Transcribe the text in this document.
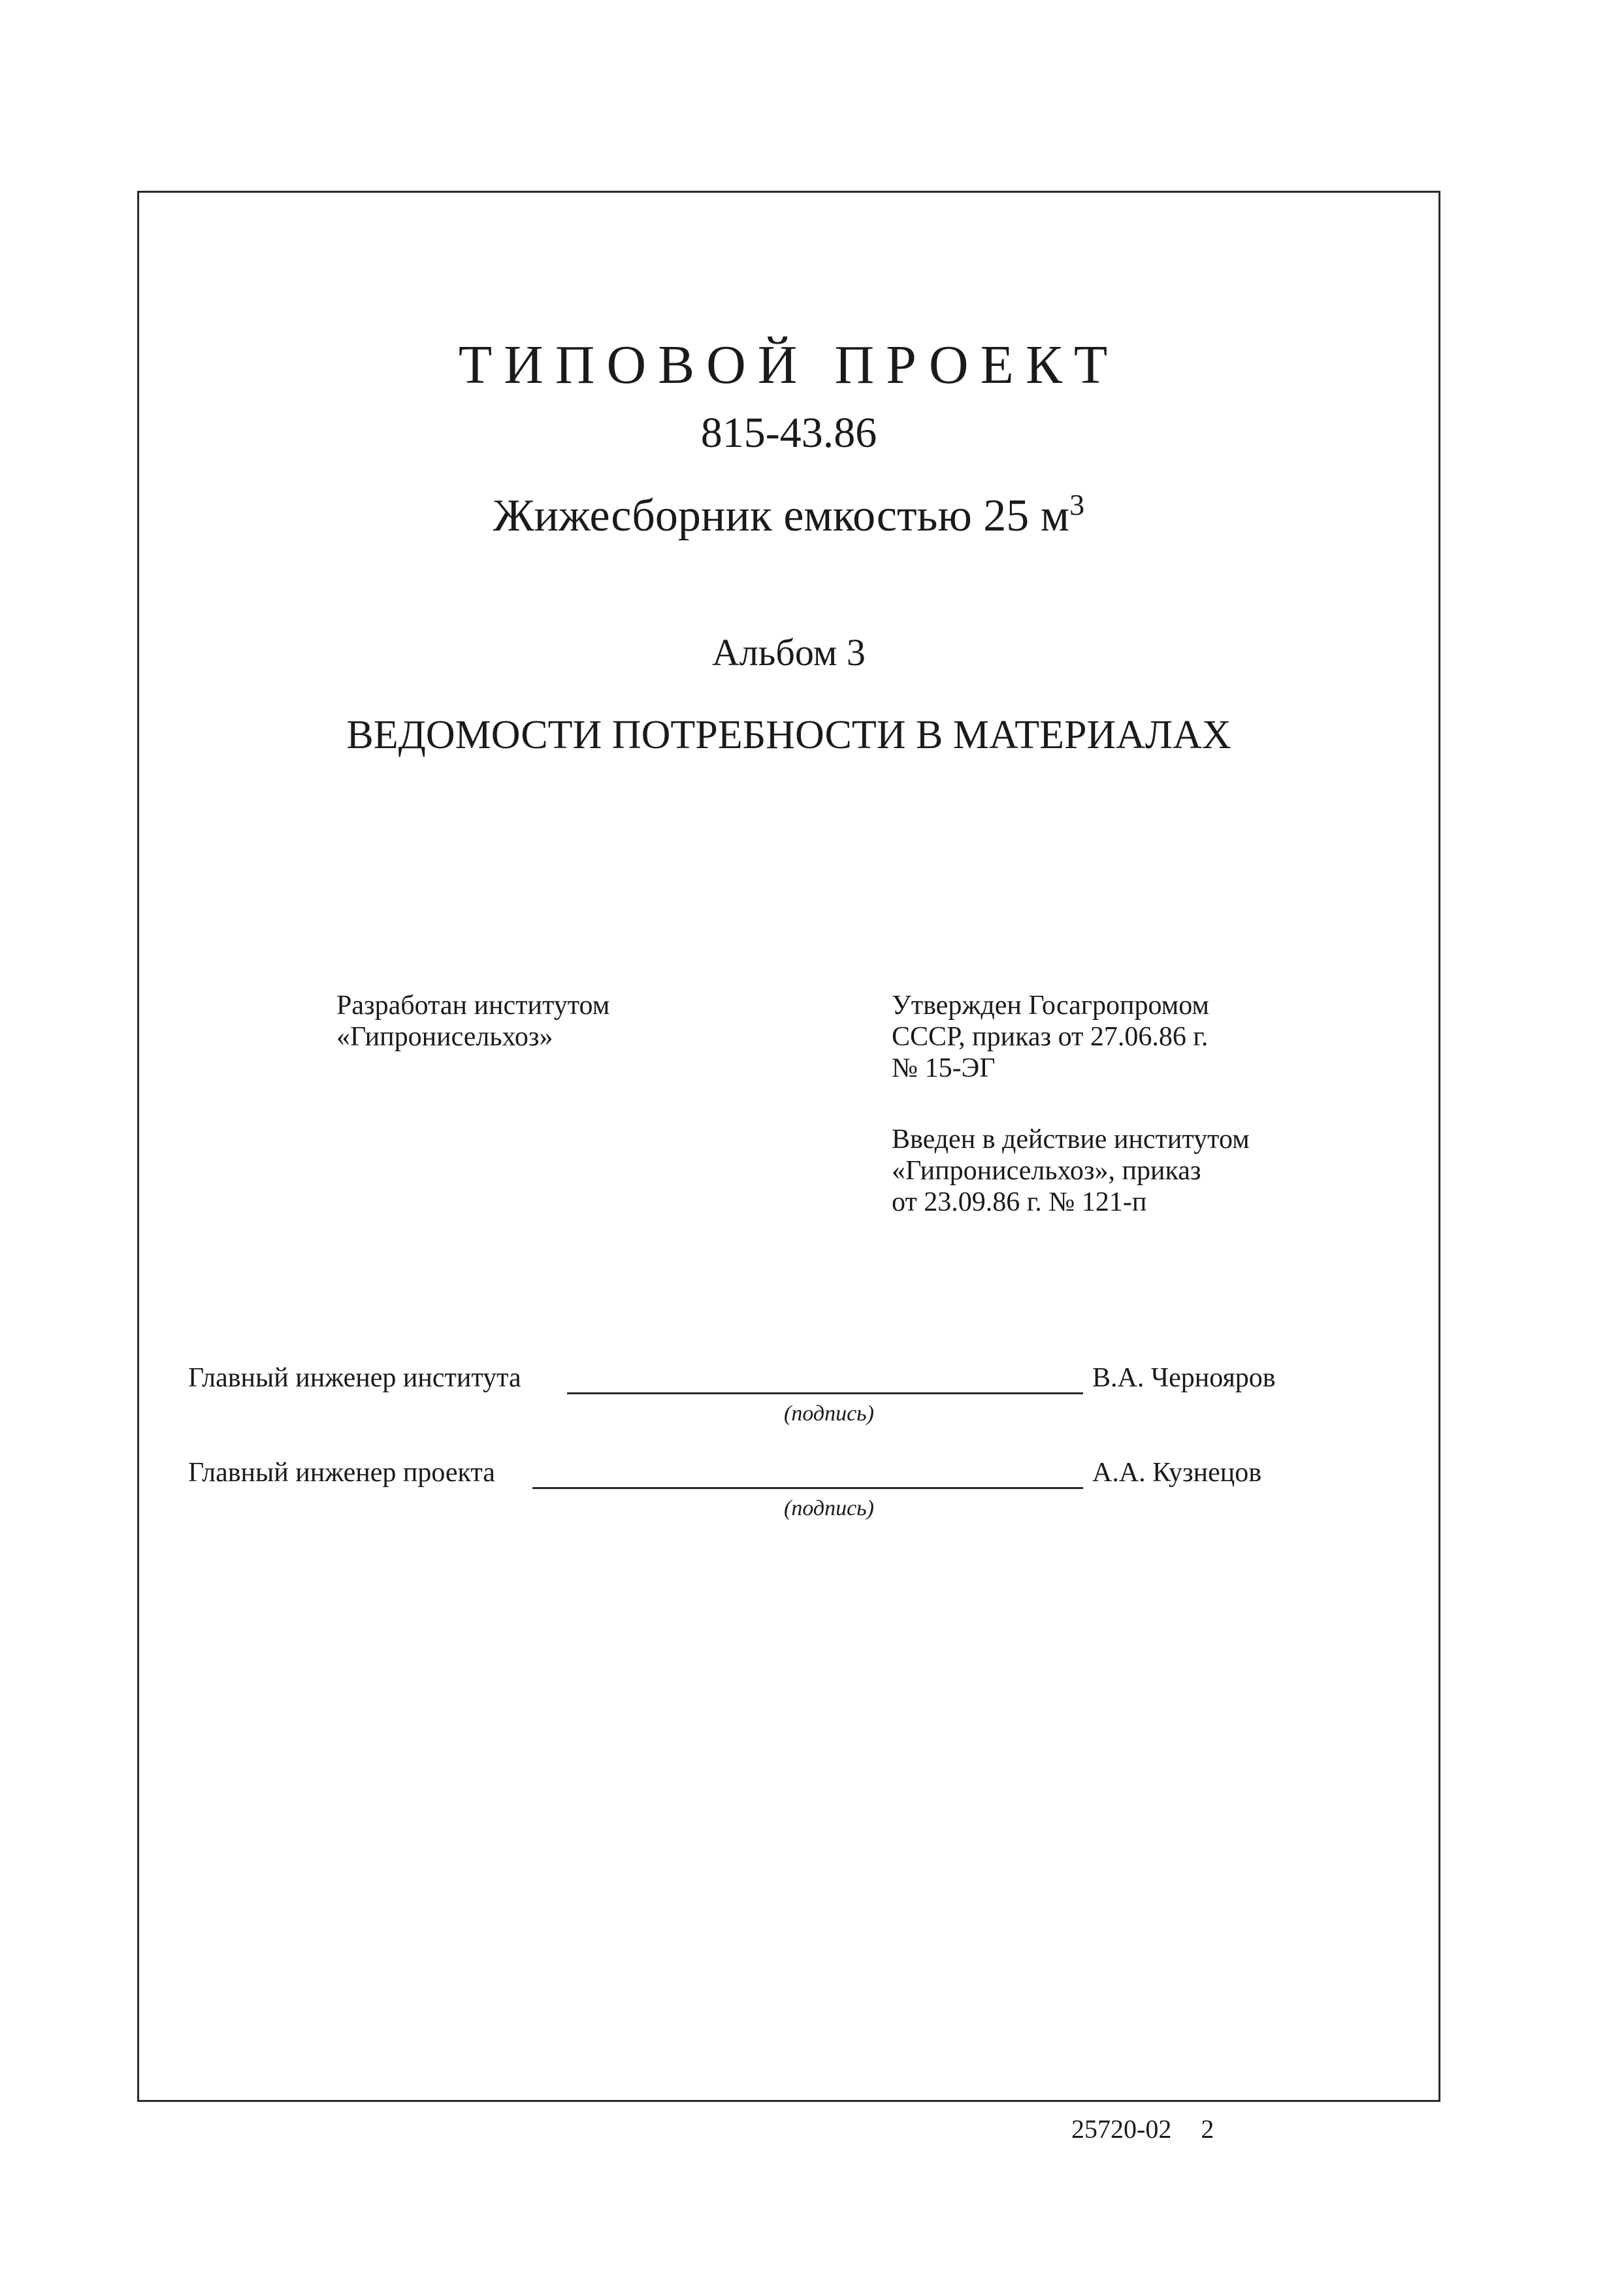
ТИПОВОЙ ПРОЕКТ
815-43.86
Жижесборник емкостью 25 $м^3$
Альбом 3
ВЕДОМОСТИ ПОТРЕБНОСТИ В МАТЕРИАЛАХ
Разработан институтом
«Гипронисельхоз»
Утвержден Госагропромом
СССР, приказ от 27.06.86 г.
№ 15-ЭГ
Введен в действие институтом
«Гипронисельхоз», приказ
от 23.09.86 г. № 121-п
Главный инженер института
(подпись)
В.А. Чернояров
Главный инженер проекта
(подпись)
А.А. Кузнецов
25720-02 2
